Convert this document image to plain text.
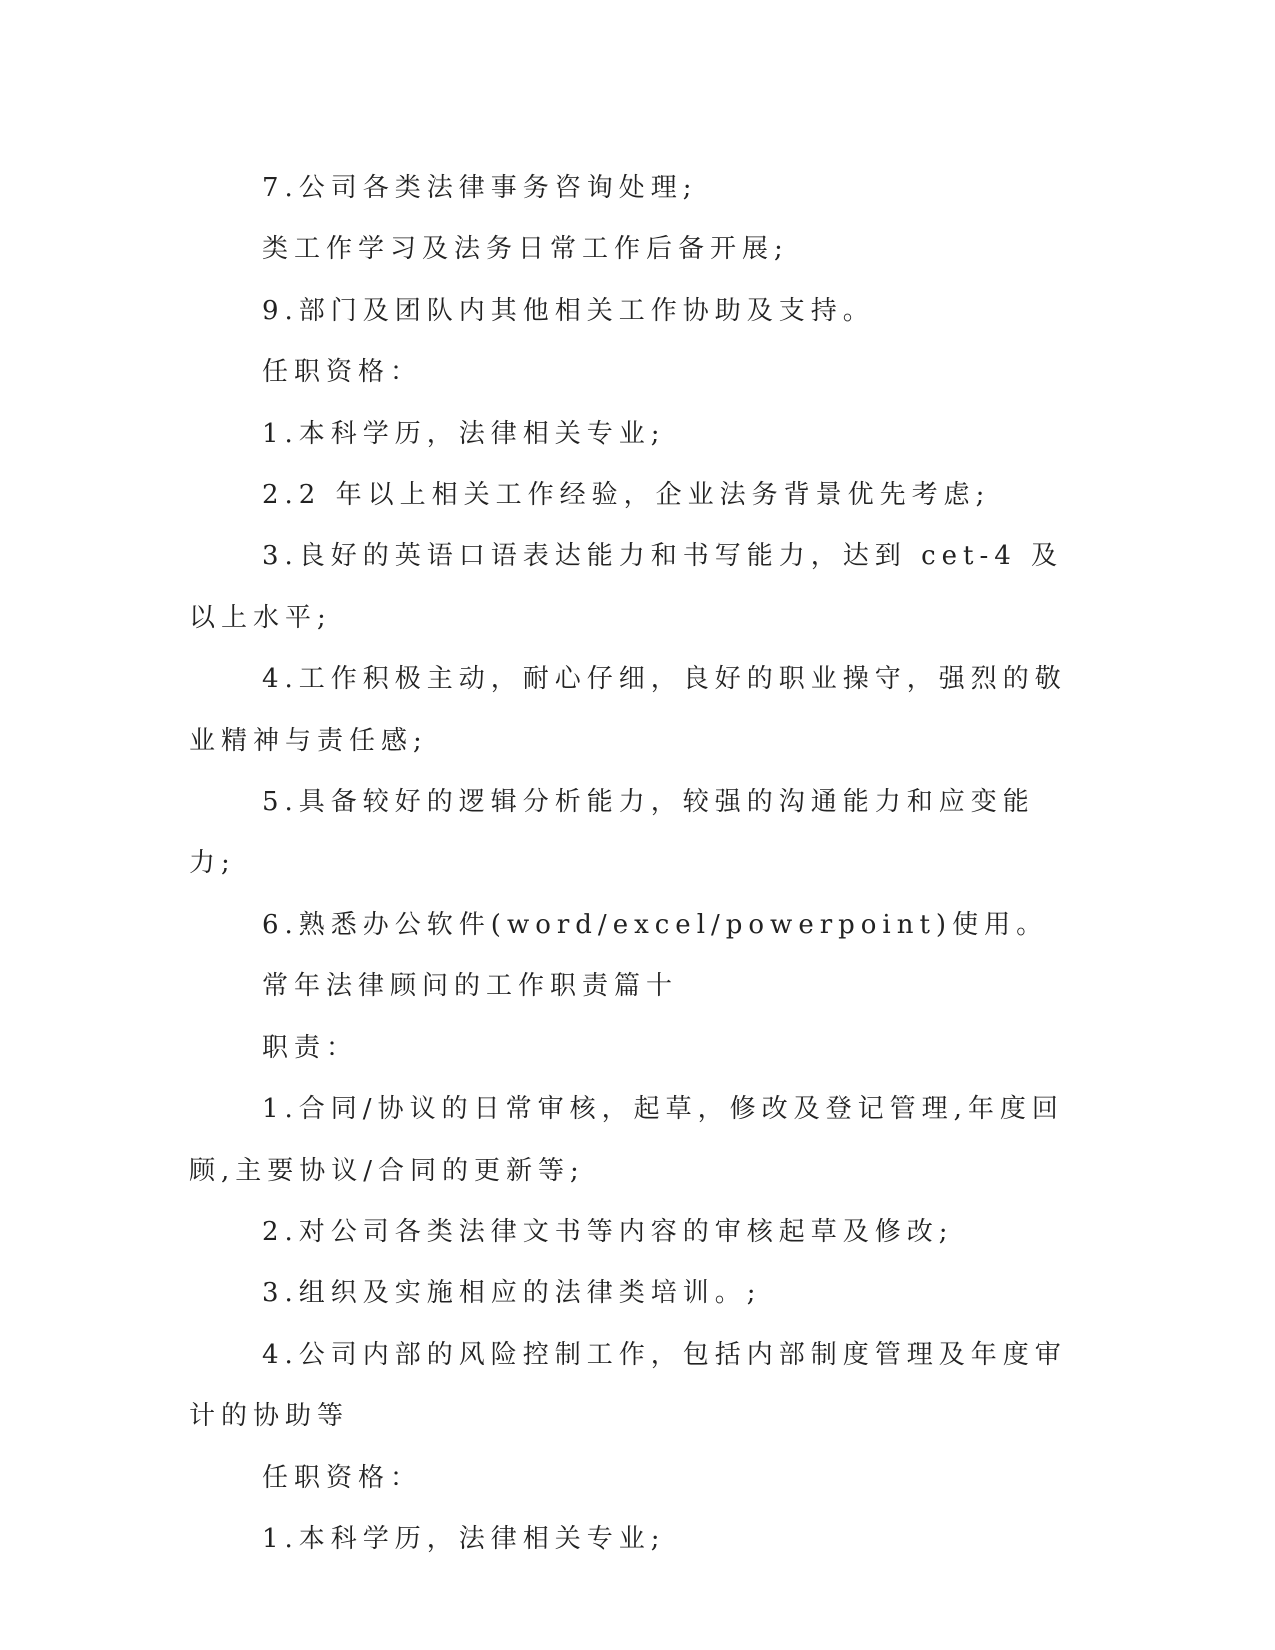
7.公司各类法律事务咨询处理;

类工作学习及法务日常工作后备开展;

9.部门及团队内其他相关工作协助及支持。

任职资格：

1.本科学历，法律相关专业;

2.2 年以上相关工作经验，企业法务背景优先考虑;

3.良好的英语口语表达能力和书写能力，达到 cet-4 及以上水平;

4.工作积极主动，耐心仔细，良好的职业操守，强烈的敬业精神与责任感;

5.具备较好的逻辑分析能力，较强的沟通能力和应变能力;

6.熟悉办公软件(word/excel/powerpoint)使用。

常年法律顾问的工作职责篇十

职责：

1.合同/协议的日常审核，起草，修改及登记管理,年度回顾,主要协议/合同的更新等;

2.对公司各类法律文书等内容的审核起草及修改;

3.组织及实施相应的法律类培训。;

4.公司内部的风险控制工作，包括内部制度管理及年度审计的协助等

任职资格：

1.本科学历，法律相关专业;
